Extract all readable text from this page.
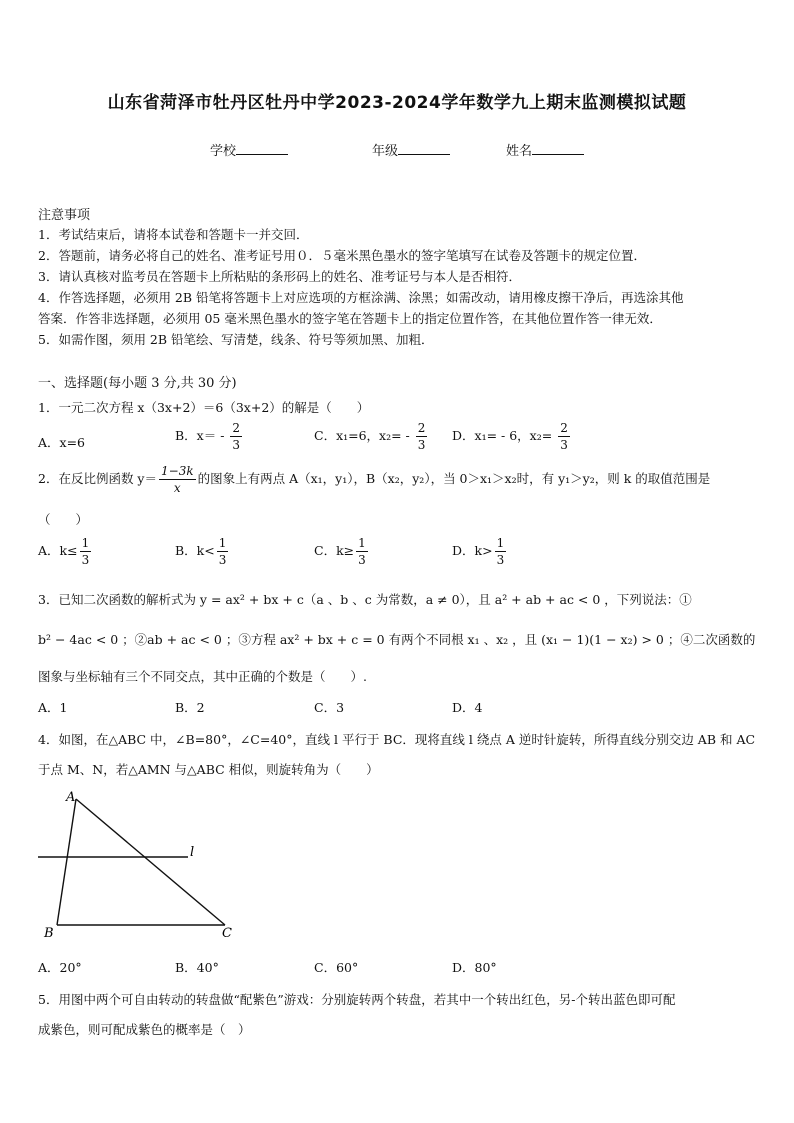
山东省菏泽市牡丹区牡丹中学2023-2024学年数学九上期末监测模拟试题
学校	年级	姓名
注意事项
1．考试结束后，请将本试卷和答题卡一并交回．
2．答题前，请务必将自己的姓名、准考证号用０．５毫米黑色墨水的签字笔填写在试卷及答题卡的规定位置．
3．请认真核对监考员在答题卡上所粘贴的条形码上的姓名、准考证号与本人是否相符．
4．作答选择题，必须用 2B 铅笔将答题卡上对应选项的方框涂满、涂黑；如需改动，请用橡皮擦干净后，再选涂其他
答案．作答非选择题，必须用 05 毫米黑色墨水的签字笔在答题卡上的指定位置作答，在其他位置作答一律无效．
5．如需作图，须用 2B 铅笔绘、写清楚，线条、符号等须加黑、加粗．
一、选择题(每小题 3 分,共 30 分)
1．一元二次方程 x（3x+2）＝6（3x+2）的解是（　　）
A．x=6	B．$x= - \frac{2}{3}$	C．x₁=6，$x_2= - \frac{2}{3}$ D．x₁= - 6，$x_2= \frac{2}{3}$
2．在反比例函数 $y= \frac{1-3k}{x}$ 的图象上有两点 A（x₁，y₁），B（x₂，y₂），当 0＞x₁＞x₂时，有 y₁＞y₂，则 k 的取值范围是
（　　）
A．$k\le \frac{1}{3}$	B．$k< \frac{1}{3}$	C．$k\ge \frac{1}{3}$	D．$k> \frac{1}{3}$
3．已知二次函数的解析式为 y = ax² + bx + c（a 、b 、c 为常数，a ≠ 0），且 a² + ab + ac < 0 ，下列说法：①
b² − 4ac < 0 ；②ab + ac < 0 ；③方程 ax² + bx + c = 0 有两个不同根 x₁ 、x₂ ，且 (x₁ − 1)(1 − x₂) > 0 ；④二次函数的
图象与坐标轴有三个不同交点，其中正确的个数是（　　）.
A．1	B．2	C．3	D．4
4．如图，在△ABC 中，∠B=80°，∠C=40°，直线 l 平行于 BC．现将直线 l 绕点 A 逆时针旋转，所得直线分别交边 AB 和 AC
于点 M、N，若△AMN 与△ABC 相似，则旋转角为（　　）
A
B	C
l
A．20°	B．40°	C．60°	D．80°
5．用图中两个可自由转动的转盘做“配紫色”游戏：分别旋转两个转盘，若其中一个转出红色，另-个转出蓝色即可配
成紫色，则可配成紫色的概率是（　）
